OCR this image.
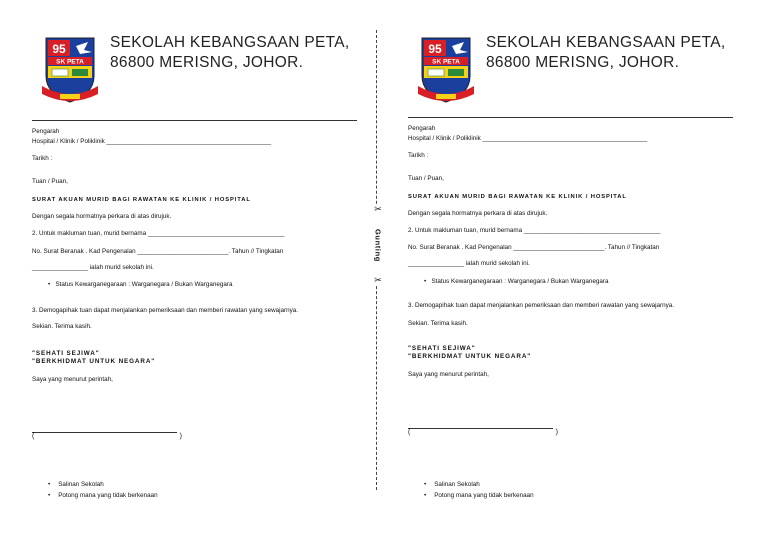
95
SK PETA
SEKOLAH KEBANGSAAN PETA,
86800 MERISNG, JOHOR.
Pengarah
Hospital / Klinik / Poliklinik _______________________________________________
Tarikh :
Tuan / Puan,
SURAT AKUAN MURID BAGI RAWATAN KE KLINIK / HOSPITAL
Dengan segala hormatnya perkara di atas dirujuk.
2. Untuk makluman tuan, murid bernama _______________________________________
No. Surat Beranak . Kad Pengenalan __________________________. Tahun // Tingkatan
________________ ialah murid sekolah ini.
•   Status Kewarganegaraan : Warganegara / Bukan Warganegara
3. Demogapihak tuan dapat menjalankan pemeriksaan dan memberi rawatan yang sewajarnya.
Sekian. Terima kasih.
"SEHATI SEJIWA"
"BERKHIDMAT UNTUK NEGARA"
Saya yang menurut perintah,
(	)
• Salinan Sekolah
• Potong mana yang tidak berkenaan
✂
Gunting
✂
95
SK PETA
SEKOLAH KEBANGSAAN PETA,
86800 MERISNG, JOHOR.
Pengarah
Hospital / Klinik / Poliklinik _______________________________________________
Tarikh :
Tuan / Puan,
SURAT AKUAN MURID BAGI RAWATAN KE KLINIK / HOSPITAL
Dengan segala hormatnya perkara di atas dirujuk.
2. Untuk makluman tuan, murid bernama _______________________________________
No. Surat Beranak . Kad Pengenalan __________________________. Tahun // Tingkatan
________________ ialah murid sekolah ini.
•   Status Kewarganegaraan : Warganegara / Bukan Warganegara
3. Demogapihak tuan dapat menjalankan pemeriksaan dan memberi rawatan yang sewajarnya.
Sekian. Terima kasih.
"SEHATI SEJIWA"
"BERKHIDMAT UNTUK NEGARA"
Saya yang menurut perintah,
(	)
• Salinan Sekolah
• Potong mana yang tidak berkenaan
